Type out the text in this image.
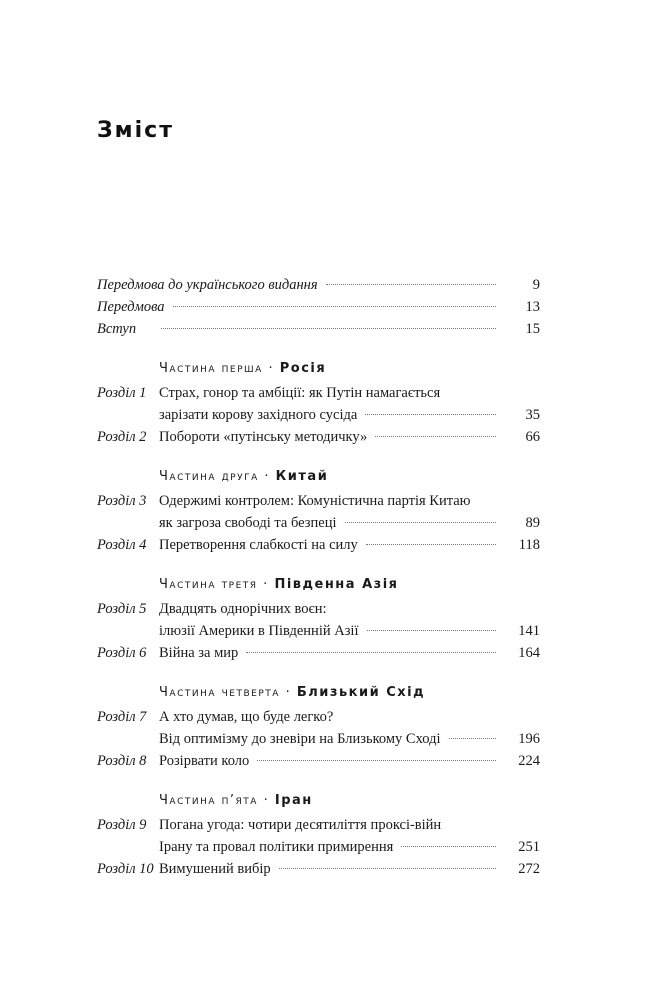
Зміст
Передмова до українського видання	9
Передмова	13
Вступ	15
Частина перша · Росія
Розділ 1 Страх, гонор та амбіції: як Путін намагається
зарізати корову західного сусіда	35
Розділ 2 Побороти «путінську методичку»	66
Частина друга · Китай
Розділ 3 Одержимі контролем: Комуністична партія Китаю
як загроза свободі та безпеці	89
Розділ 4 Перетворення слабкості на силу	118
Частина третя · Південна Азія
Розділ 5 Двадцять однорічних воєн:
ілюзії Америки в Південній Азії	141
Розділ 6 Війна за мир	164
Частина четверта · Близький Схід
Розділ 7 А хто думав, що буде легко?
Від оптимізму до зневіри на Близькому Сході	196
Розділ 8 Розірвати коло	224
Частина п’ята · Іран
Розділ 9 Погана угода: чотири десятиліття проксі-війн
Ірану та провал політики примирення	251
Розділ 10 Вимушений вибір	272
